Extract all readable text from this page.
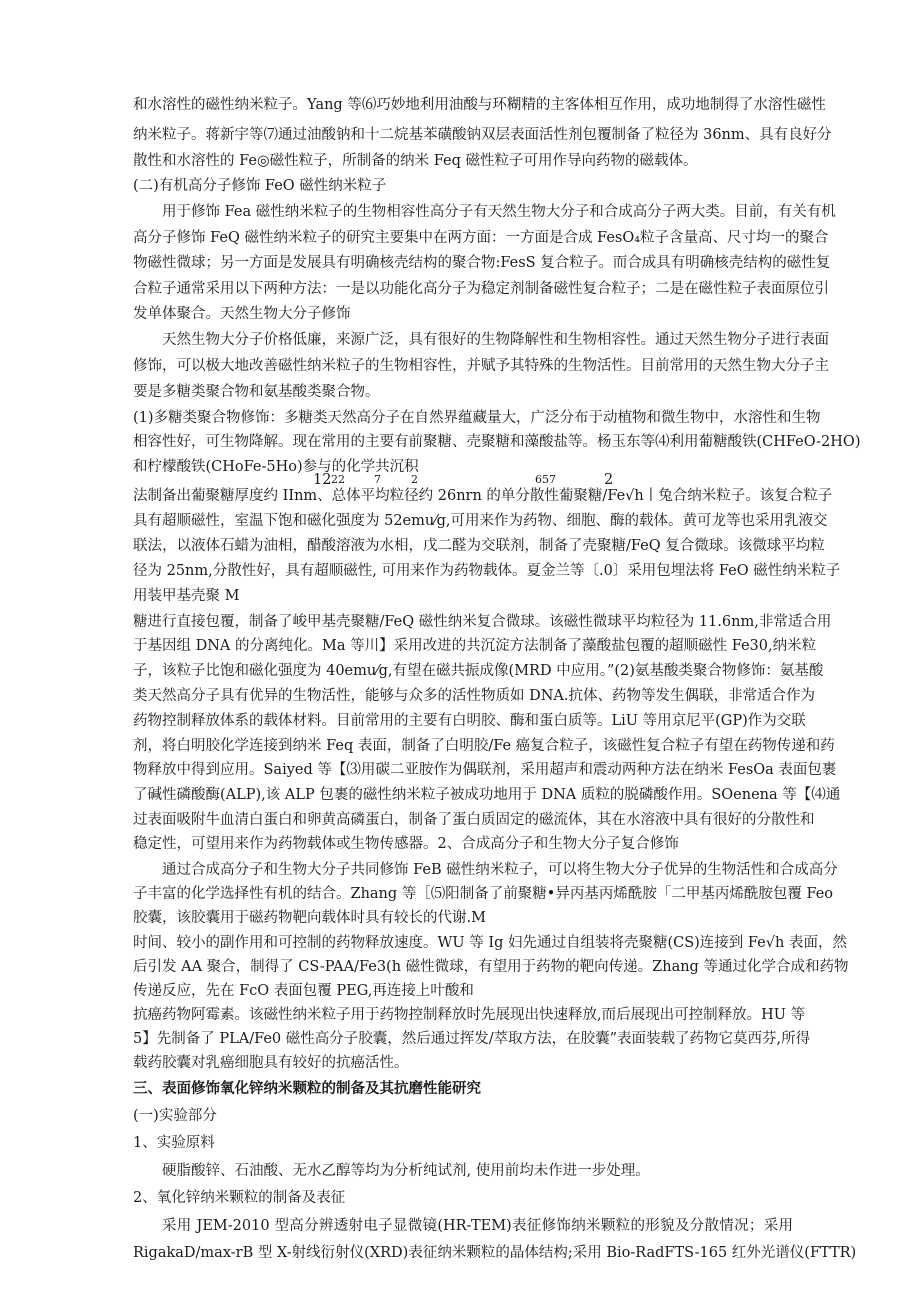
和水溶性的磁性纳米粒子。Yang 等⑹巧妙地利用油酸与环糊精的主客体相互作用，成功地制得了水溶性磁性
纳米粒子。蒋新宇等⑺通过油酸钠和十二烷基苯磺酸钠双层表面活性剂包覆制备了粒径为 36nm、具有良好分
散性和水溶性的 Fe◎磁性粒子，所制备的纳米 Feq 磁性粒子可用作导向药物的磁载体。
(二)有机高分子修饰 FeO 磁性纳米粒子
用于修饰 Fea 磁性纳米粒子的生物相容性高分子有天然生物大分子和合成高分子两大类。目前，有关有机
高分子修饰 FeQ 磁性纳米粒子的研究主要集中在两方面：一方面是合成 FesO₄粒子含量高、尺寸均一的聚合
物磁性微球；另一方面是发展具有明确核壳结构的聚合物:FesS 复合粒子。而合成具有明确核壳结构的磁性复
合粒子通常采用以下两种方法：一是以功能化高分子为稳定剂制备磁性复合粒子；二是在磁性粒子表面原位引
发单体聚合。天然生物大分子修饰
天然生物大分子价格低廉，来源广泛，具有很好的生物降解性和生物相容性。通过天然生物分子进行表面
修饰，可以极大地改善磁性纳米粒子的生物相容性，并赋予其特殊的生物活性。目前常用的天然生物大分子主
要是多糖类聚合物和氨基酸类聚合物。
(1)多糖类聚合物修饰：多糖类天然高分子在自然界蕴藏量大，广泛分布于动植物和微生物中，水溶性和生物
相容性好，可生物降解。现在常用的主要有前聚糖、売聚糖和藻酸盐等。杨玉东等⑷利用葡糖酸铁(CHFeO-2HO)
和柠檬酸铁(CHoFe-5Ho)参与的化学共沉积
12 22	7	2	657	2
法制备出葡聚糖厚度约 IInm、总体平均粒径约 26nrn 的单分散性葡聚糖/Fe√h丨兔合纳米粒子。该复合粒子
具有超顺磁性，室温下饱和磁化强度为 52emu⁄g,可用来作为药物、细胞、酶的载体。黄可龙等也采用乳液交
联法，以液体石蜡为油相，醋酸溶液为水相，戊二醛为交联剂，制备了壳聚糖/FeQ 复合微球。该微球平均粒
径为 25nm,分散性好，具有超顺磁性, 可用来作为药物载体。夏金兰等〔.0〕采用包埋法将 FeO 磁性纳米粒子
用装甲基壳聚 M
糖进行直接包覆，制备了峻甲基壳聚糖/FeQ 磁性纳米复合微球。该磁性微球平均粒径为 11.6nm,非常适合用
于基因组 DNA 的分离纯化。Ma 等川】采用改进的共沉淀方法制备了藻酸盐包覆的超顺磁性 Fe30,纳米粒
子，该粒子比饱和磁化强度为 40emu⁄g,有望在磁共振成像(MRD 中应用。”(2)氨基酸类聚合物修饰：氨基酸
类天然高分子具有优异的生物活性，能够与众多的活性物质如 DNA.抗体、药物等发生偶联，非常适合作为
药物控制释放体系的载体材料。目前常用的主要有白明胶、酶和蛋白质等。LiU 等用京尼平(GP)作为交联
剂，将白明胶化学连接到纳米 Feq 表面，制备了白明胶/Fe 癌复合粒子，该磁性复合粒子有望在药物传递和药
物释放中得到应用。Saiyed 等【⑶用碳二亚胺作为偶联剂，采用超声和震动两种方法在纳米 FesOa 表面包裹
了碱性磷酸酶(ALP),该 ALP 包裹的磁性纳米粒子被成功地用于 DNA 质粒的脱磷酸作用。SOenena 等【⑷通
过表面吸附牛血清白蛋白和卵黄高磷蛋白，制备了蛋白质固定的磁流体，其在水溶液中具有很好的分散性和
稳定性，可望用来作为药物载体或生物传感器。2、合成高分子和生物大分子复合修饰
通过合成高分子和生物大分子共同修饰 FeB 磁性纳米粒子，可以将生物大分子优异的生物活性和合成高分
子丰富的化学选择性有机的结合。Zhang 等［⑸阳制备了前聚糖•异丙基丙烯酰胺「二甲基丙烯酰胺包覆 Feo
胶囊，该胶囊用于磁药物靶向载体时具有较长的代谢.M
时间、较小的副作用和可控制的药物释放速度。WU 等 Ig 妇先通过自组装将壳聚糖(CS)连接到 Fe√h 表面，然
后引发 AA 聚合，制得了 CS-PAA/Fe3(h 磁性微球，有望用于药物的靶向传递。Zhang 等通过化学合成和药物
传递反应，先在 FcO 表面包覆 PEG,再连接上叶酸和
抗癌药物阿霉素。该磁性纳米粒子用于药物控制释放时先展现出快速释放,而后展现出可控制释放。HU 等
5】先制备了 PLA/Fe0 磁性高分子胶囊，然后通过挥发/萃取方法，在胶囊”表面装载了药物它莫西芬,所得
载药胶囊对乳癌细胞具有较好的抗癌活性。
三、表面修饰氧化锌纳米颗粒的制备及其抗磨性能研究
(一)实验部分
1、实验原料
硬脂酸锌、石油酸、无水乙醇等均为分析纯试剂, 使用前均未作进一步处理。
2、氧化锌纳米颗粒的制备及表征
采用 JEM-2010 型高分辨透射电子显微镜(HR-TEM)表征修饰纳米颗粒的形貌及分散情况；采用
RigakaD/max-rB 型 X-射线衍射仪(XRD)表征纳米颗粒的晶体结构;采用 Bio-RadFTS-165 红外光谱仪(FTTR)
